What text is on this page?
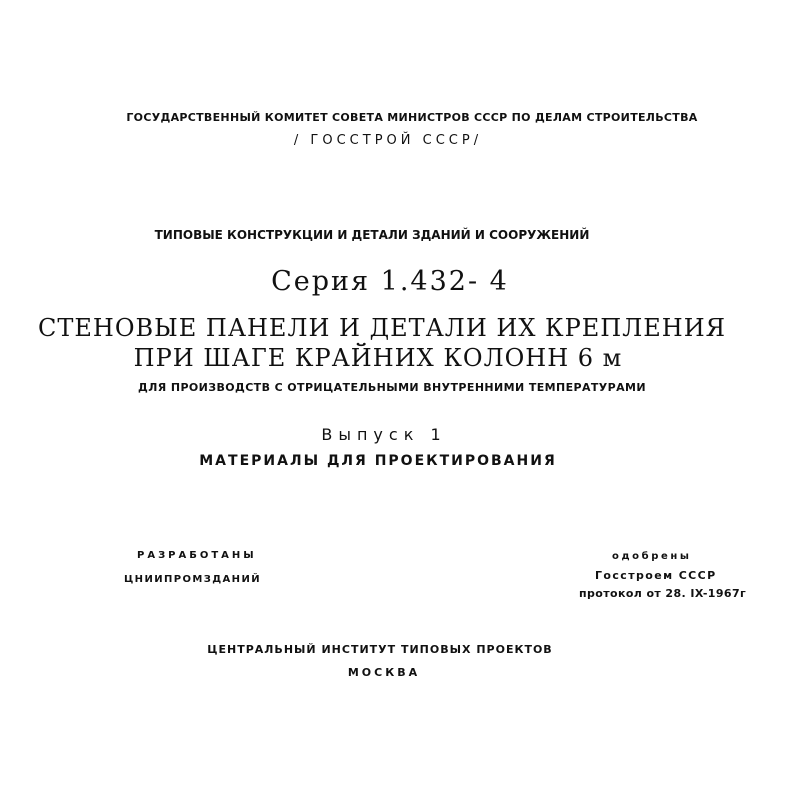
ГОСУДАРСТВЕННЫЙ КОМИТЕТ СОВЕТА МИНИСТРОВ СССР ПО ДЕЛАМ СТРОИТЕЛЬСТВА
/ ГОССТРОЙ СССР/
ТИПОВЫЕ КОНСТРУКЦИИ И ДЕТАЛИ ЗДАНИЙ И СООРУЖЕНИЙ
Серия 1.432- 4
СТЕНОВЫЕ ПАНЕЛИ И ДЕТАЛИ ИХ КРЕПЛЕНИЯ
ПРИ ШАГЕ КРАЙНИХ КОЛОНН 6 м
ДЛЯ ПРОИЗВОДСТВ С ОТРИЦАТЕЛЬНЫМИ ВНУТРЕННИМИ ТЕМПЕРАТУРАМИ
Выпуск 1
МАТЕРИАЛЫ ДЛЯ ПРОЕКТИРОВАНИЯ
РАЗРАБОТАНЫ
ЦНИИПРОМЗДАНИЙ
одобрены
Госстроем СССР
протокол от 28. IX-1967г
ЦЕНТРАЛЬНЫЙ ИНСТИТУТ ТИПОВЫХ ПРОЕКТОВ
МОСКВА
